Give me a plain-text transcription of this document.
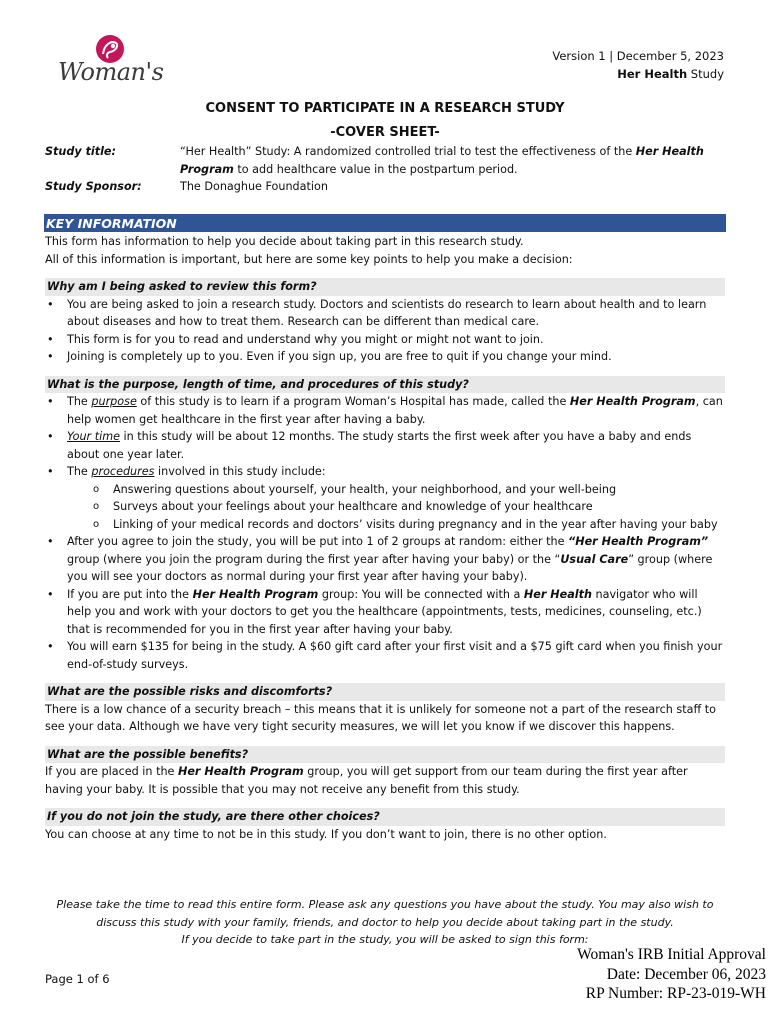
Woman's
Version 1 | December 5, 2023
Her Health Study
CONSENT TO PARTICIPATE IN A RESEARCH STUDY
-COVER SHEET-
Study title:	“Her Health” Study: A randomized controlled trial to test the effectiveness of the Her Health Program to add healthcare value in the postpartum period.
Study Sponsor:	The Donaghue Foundation
KEY INFORMATION

This form has information to help you decide about taking part in this research study.

All of this information is important, but here are some key points to help you make a decision:

Why am I being asked to review this form?
• You are being asked to join a research study. Doctors and scientists do research to learn about health and to learn about diseases and how to treat them. Research can be different than medical care.
• This form is for you to read and understand why you might or might not want to join.
• Joining is completely up to you. Even if you sign up, you are free to quit if you change your mind.
What is the purpose, length of time, and procedures of this study?
• The purpose of this study is to learn if a program Woman’s Hospital has made, called the Her Health Program, can help women get healthcare in the first year after having a baby.
• Your time in this study will be about 12 months. The study starts the first week after you have a baby and ends about one year later.
• The procedures involved in this study include:
o Answering questions about yourself, your health, your neighborhood, and your well-being
o Surveys about your feelings about your healthcare and knowledge of your healthcare
o Linking of your medical records and doctors’ visits during pregnancy and in the year after having your baby
• After you agree to join the study, you will be put into 1 of 2 groups at random: either the “Her Health Program” group (where you join the program during the first year after having your baby) or the “Usual Care” group (where you will see your doctors as normal during your first year after having your baby).
• If you are put into the Her Health Program group: You will be connected with a Her Health navigator who will help you and work with your doctors to get you the healthcare (appointments, tests, medicines, counseling, etc.) that is recommended for you in the first year after having your baby.
• You will earn $135 for being in the study. A $60 gift card after your first visit and a $75 gift card when you finish your end-of-study surveys.
What are the possible risks and discomforts?

There is a low chance of a security breach – this means that it is unlikely for someone not a part of the research staff to see your data. Although we have very tight security measures, we will let you know if we discover this happens.

What are the possible benefits?

If you are placed in the Her Health Program group, you will get support from our team during the first year after having your baby. It is possible that you may not receive any benefit from this study.

If you do not join the study, are there other choices?

You can choose at any time to not be in this study. If you don’t want to join, there is no other option.

Please take the time to read this entire form. Please ask any questions you have about the study. You may also wish to
discuss this study with your family, friends, and doctor to help you decide about taking part in the study.
If you decide to take part in the study, you will be asked to sign this form:
Page 1 of 6
Woman's IRB Initial Approval
Date: December 06, 2023
RP Number: RP-23-019-WH
